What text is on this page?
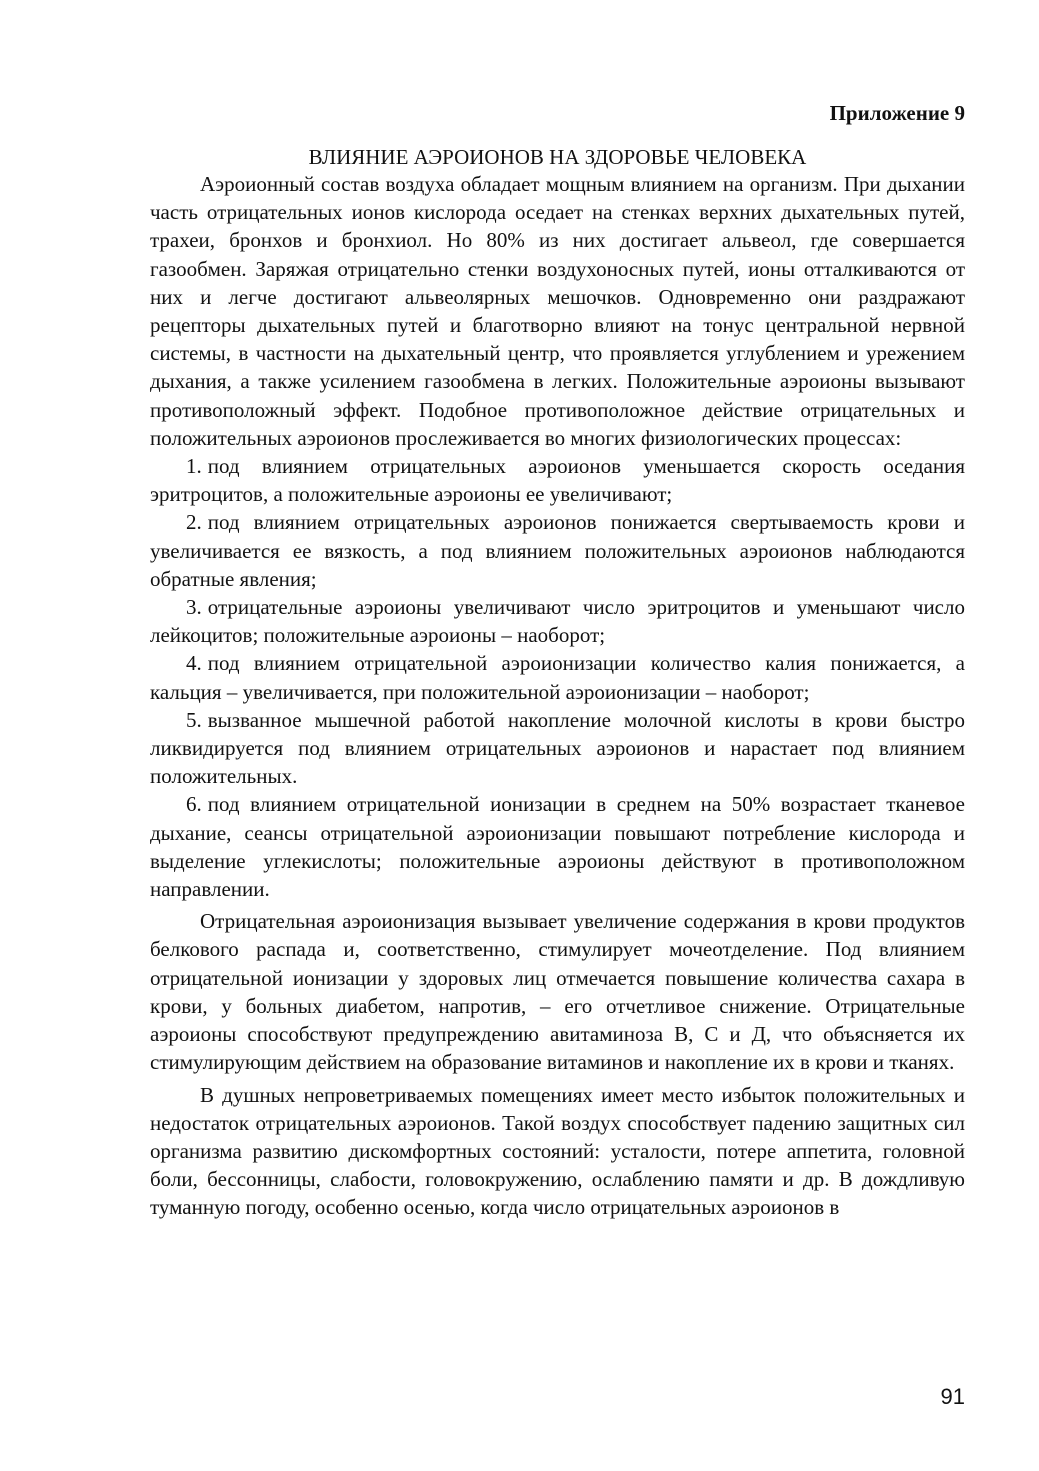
Приложение 9
ВЛИЯНИЕ АЭРОИОНОВ НА ЗДОРОВЬЕ ЧЕЛОВЕКА

Аэроионный состав воздуха обладает мощным влиянием на организм. При дыхании часть отрицательных ионов кислорода оседает на стенках верхних дыхательных путей, трахеи, бронхов и бронхиол. Но 80% из них достигает альвеол, где совершается газообмен. Заряжая отрицательно стенки воздухоносных путей, ионы отталкиваются от них и легче достигают альвеолярных мешочков. Одновременно они раздражают рецепторы дыхательных путей и благотворно влияют на тонус центральной нервной системы, в частности на дыхательный центр, что проявляется углублением и урежением дыхания, а также усилением газообмена в легких. Положительные аэроионы вызывают противоположный эффект. Подобное противоположное действие отрицательных и положительных аэроионов прослеживается во многих физиологических процессах:

1. под влиянием отрицательных аэроионов уменьшается скорость оседания эритроцитов, а положительные аэроионы ее увеличивают;

2. под влиянием отрицательных аэроионов понижается свертываемость крови и увеличивается ее вязкость, а под влиянием положительных аэроионов наблюдаются обратные явления;

3. отрицательные аэроионы увеличивают число эритроцитов и уменьшают число лейкоцитов; положительные аэроионы – наоборот;

4. под влиянием отрицательной аэроионизации количество калия понижается, а кальция – увеличивается, при положительной аэроионизации – наоборот;

5. вызванное мышечной работой накопление молочной кислоты в крови быстро ликвидируется под влиянием отрицательных аэроионов и нарастает под влиянием положительных.

6. под влиянием отрицательной ионизации в среднем на 50% возрастает тканевое дыхание, сеансы отрицательной аэроионизации повышают потребление кислорода и выделение углекислоты; положительные аэроионы действуют в противоположном направлении.

Отрицательная аэроионизация вызывает увеличение содержания в крови продуктов белкового распада и, соответственно, стимулирует мочеотделение. Под влиянием отрицательной ионизации у здоровых лиц отмечается повышение количества сахара в крови, у больных диабетом, напротив, – его отчетливое снижение. Отрицательные аэроионы способствуют предупреждению авитаминоза В, С и Д, что объясняется их стимулирующим действием на образование витаминов и накопление их в крови и тканях.

В душных непроветриваемых помещениях имеет место избыток положительных и недостаток отрицательных аэроионов. Такой воздух способствует падению защитных сил организма развитию дискомфортных состояний: усталости, потере аппетита, головной боли, бессонницы, слабости, головокружению, ослаблению памяти и др. В дождливую туманную погоду, особенно осенью, когда число отрицательных аэроионов в

91
